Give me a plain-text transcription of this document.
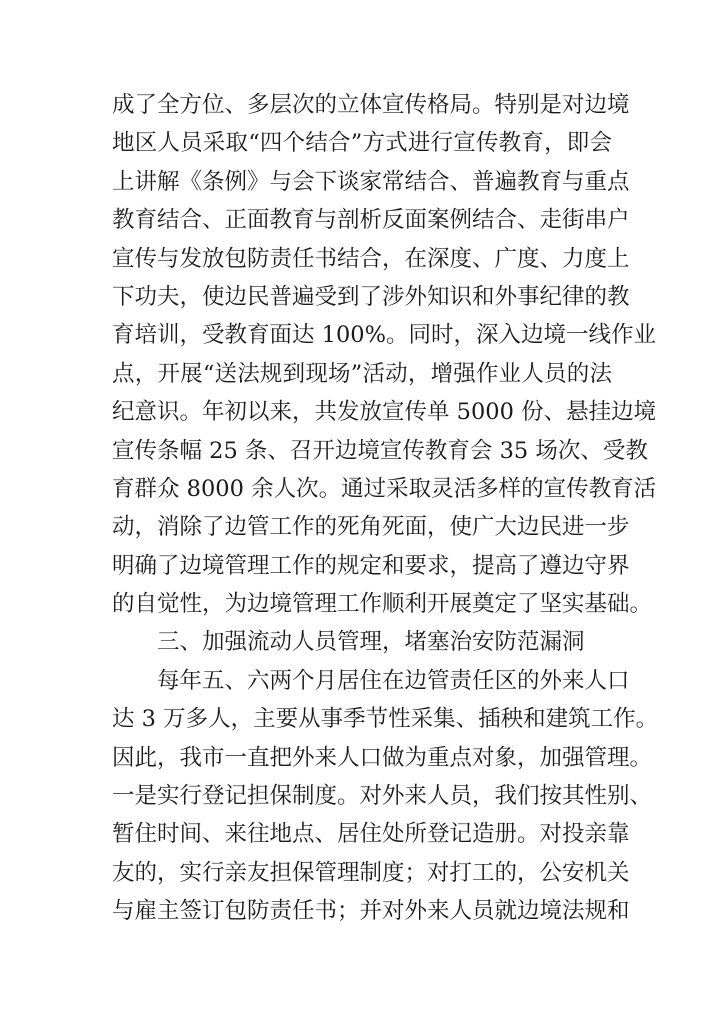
成了全方位、多层次的立体宣传格局。特别是对边境
地区人员采取“四个结合”方式进行宣传教育，即会
上讲解《条例》与会下谈家常结合、普遍教育与重点
教育结合、正面教育与剖析反面案例结合、走街串户
宣传与发放包防责任书结合，在深度、广度、力度上
下功夫，使边民普遍受到了涉外知识和外事纪律的教
育培训，受教育面达 100%。同时，深入边境一线作业
点，开展“送法规到现场”活动，增强作业人员的法
纪意识。年初以来，共发放宣传单 5000 份、悬挂边境
宣传条幅 25 条、召开边境宣传教育会 35 场次、受教
育群众 8000 余人次。通过采取灵活多样的宣传教育活
动，消除了边管工作的死角死面，使广大边民进一步
明确了边境管理工作的规定和要求，提高了遵边守界
的自觉性，为边境管理工作顺利开展奠定了坚实基础。
三、加强流动人员管理，堵塞治安防范漏洞
每年五、六两个月居住在边管责任区的外来人口
达 3 万多人，主要从事季节性采集、插秧和建筑工作。
因此，我市一直把外来人口做为重点对象，加强管理。
一是实行登记担保制度。对外来人员，我们按其性别、
暂住时间、来往地点、居住处所登记造册。对投亲靠
友的，实行亲友担保管理制度；对打工的，公安机关
与雇主签订包防责任书；并对外来人员就边境法规和
